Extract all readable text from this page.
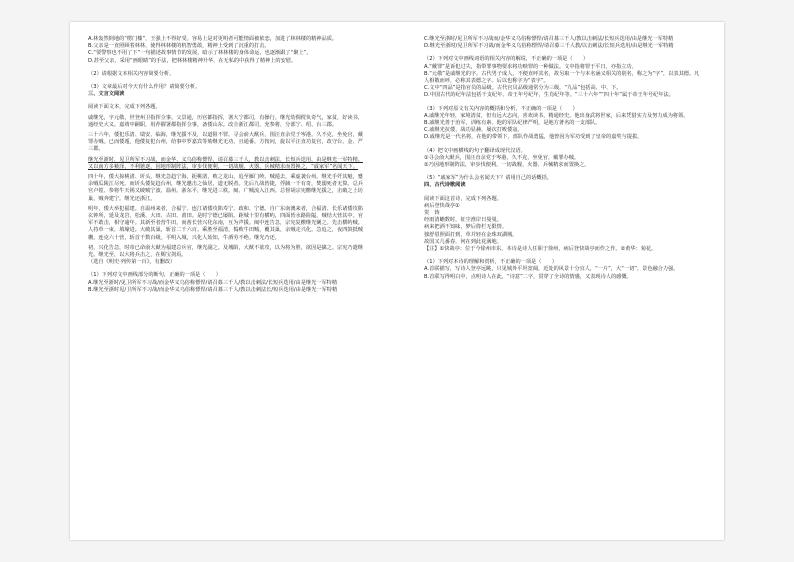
A.林轰然倒地的“楞门槛”，王强上不得好受。容易上是对更明者可能情面被依恋，加进了林林楼的精神品质。

B.父亲是一直照顾着林林，使得林林楼的机智勇敢，精神上受到了沉重的打击。

C.“要警察也不用了下”一句描述故事情节的发展，暗示了林林楼的身体命运，也逐渐跟了“聚上”。

D.甚至父亲，采用“画眼睛”的手法，把林林楼精神升华，在无私的中获得了精神上的安慰。

（2）请根据文本相关内容简要分析。

（3）文章最后对今天有什么作用？请简要分析。

三、文言文阅读

阅读下面文本，完成下列各题。

戚继光，字元敬，世登州卫指挥佥事。父景通，历官都指挥，署大宁都司，有操行。继光幼倜傥负奇气，家贫，好读书，通经史大义。嘉靖中嗣职，用荐擢署都指挥佥事，备倭山东。改佥浙江都司，充参将，分部宁、绍、台三郡。

三十六年，倭犯乐清、瑞安、临海，继光援不及，以道阻不罪。寻会俞大猷兵，围汪直余党于岑港。久不克，坐免官，戴罪办贼。已而倭遁，他倭复犯台州，给事中罗嘉宾等劾继光无功，且通番。方按问，旋以平汪直功复官，改守台、金、严三郡。

继光至浙时，见卫所军不习战，而金华、义乌俗称慓悍，请召募三千人，教以击刺法，长短兵迭用，由是继光一军特精。又以南方多薮泽，不利驰逐，因地形制阵法，审步伐便利，一切战舰、火器、兵械精求而置换之，“戚家军”名闻天下。

四十年，倭大掠桃渚、圻头，继光急趋宁海，扼桃渚，败之龙山，追至雁门岭。贼遁去，乘虚袭台州。继光手歼其魁，蹙余贼瓜陵江尽死。而圻头倭复趋台州，继光邀击之仙居，道无脱者。先后九战皆捷，俘馘一千有奇，焚溺死者无算。总兵官卢镗、参将牛天锡又破贼宁波、温州。浙东平，继光进三秩。闽、广贼流入江西。总督胡宗宪檄继光援之，击破之上坊巢，贼奔建宁。继光还浙江。

明年，倭大举犯福建。自温州来者，合福宁、连江诸倭攻陷寿宁、政和、宁德。自广东南澳来者，合福清、长乐诸倭攻陷玄钟所，延及龙岩、松溪、大田、古田、莆田。是时宁德已屡陷。距城十里有横屿，四面皆水路险隘，贼结大营其中。官军不敢击，相守逾年。其新至者营牛田，而酋长营兴化东南，互为声援。闽中连告急，宗宪复檄继光剿之。先击横屿贼。人持草一束，填壕进。大破其巢，斩首二千六百。乘胜至福清，捣败牛田贼，覆其巢，余贼走兴化。急追之，夜四鼓抵贼栅。连克六十营，斩首千数百级。平明入城，兴化人始知，牛酒劳不绝。继光乃还。

初，兴化告急，时帝已命俞大猷为福建总兵官，继光副之。及城陷，大猷不欲攻，以为将为胜，欲因是擒之。宗宪乃遣继光。继光至，以大将兵击之，在赐宝剑焉。

（选自《明史·列传第一百》，有删改）

（1）下列对文中画线部分的断句，正确的一项是（　　）

A.继光至浙时/见卫所军不习战/而金华义乌俗称慓悍/请召募三千人/教以击刺法/长短兵迭用/由是继光一军特精

B.继光至浙时见/卫所军不习战/而金华义乌俗称慓悍/请召募三千人/教以击刺法长/短兵迭用/由是继光一军特精

C.继光至浙时/见卫所军不习战而/金华义乌俗称慓悍/请召募三千人/教以击刺法/长短兵迭用/由是继光一军特精

D.继光至浙时/见卫所军不习战/而金华义乌俗称慓悍/请召募三千人教/以击刺法/长短兵迭用/由是继光一军特精

（2）下列对文中画线词语的相关内容的解说，不正确的一项是（　　）

A.“戴罪”是诉犯过失，指带罪事物要求将功赎罪的一种做法。文中指将罪于平日，亦指立功。

B.“元敬”是戚继光的字。古代男子成人，不便直呼其名，故另取一个与本名涵义相关的别名，称之为“字”，以表其德。凡人相敬而呼，必称其表德之字。后以也称字为“表字”。

C.文中“四品”是指官员的品级。古代官员品级通常分为三级，“九品”包括高、中、下。

D.中国古代的纪年法包括干支纪年、帝王年号纪年，生肖纪年等。“三十六年”“四十年”属于帝王年号纪年法。

（3）下列对原文有关内容的概括和分析，不正确的一项是（　　）

A.戚继光年轻，家境清贫，但有远大志向，喜欢读书，精通经史。他出身武将世家，后来凭借实力及努力成为将领。

B.戚继光善于治军，训练有素。他的军队纪律严明，是地方著名的一支部队。

C.戚继光抗倭，战功显赫，屡次打败倭寇。

D.戚继光是一代名将，在他的带领下，部队作战勇猛，他曾因为军功受到了皇帝的嘉奖与提拔。

（4）把文中画横线的句子翻译成现代汉语。

①寻会俞大猷兵，围汪直余党于岑港。久不克，坐免官，戴罪办贼。

②乃因地形制阵法，审步伐便利，一切战舰、火器、兵械精求而置换之。

（5）“戚家军”为什么会名闻天下？请用自己的话概括。

四、古代诗歌阅读

阅读下面这首诗，完成下列各题。

病后登快哉亭①

贺　铸

经雨清蟾数时，征尘淮岸日曼曼。

病来把酒不知味，梦后倚栏无限情。

独舒眉照面打到，草并轻在金珠双湖城。

故国又几番春，何在到此花满地。

【注】①快哉亭：位于今徐州市东，本诗是诗人任职于徐州，病后登快哉亭而作之作。②黄华：菊花。

（1）下列对本诗的理解和赏析，不正确的一项是（　　）

A.首联描写，写诗人登亭远眺，只见城外平坦宽阔，近处的风景十分宜人，“一片”，大“一切”，景色融合力强。

B.首联写得明白中，点明诗人在此，“诗意”二字，贯穿了全诗的情感，又表现诗人的感慨。
